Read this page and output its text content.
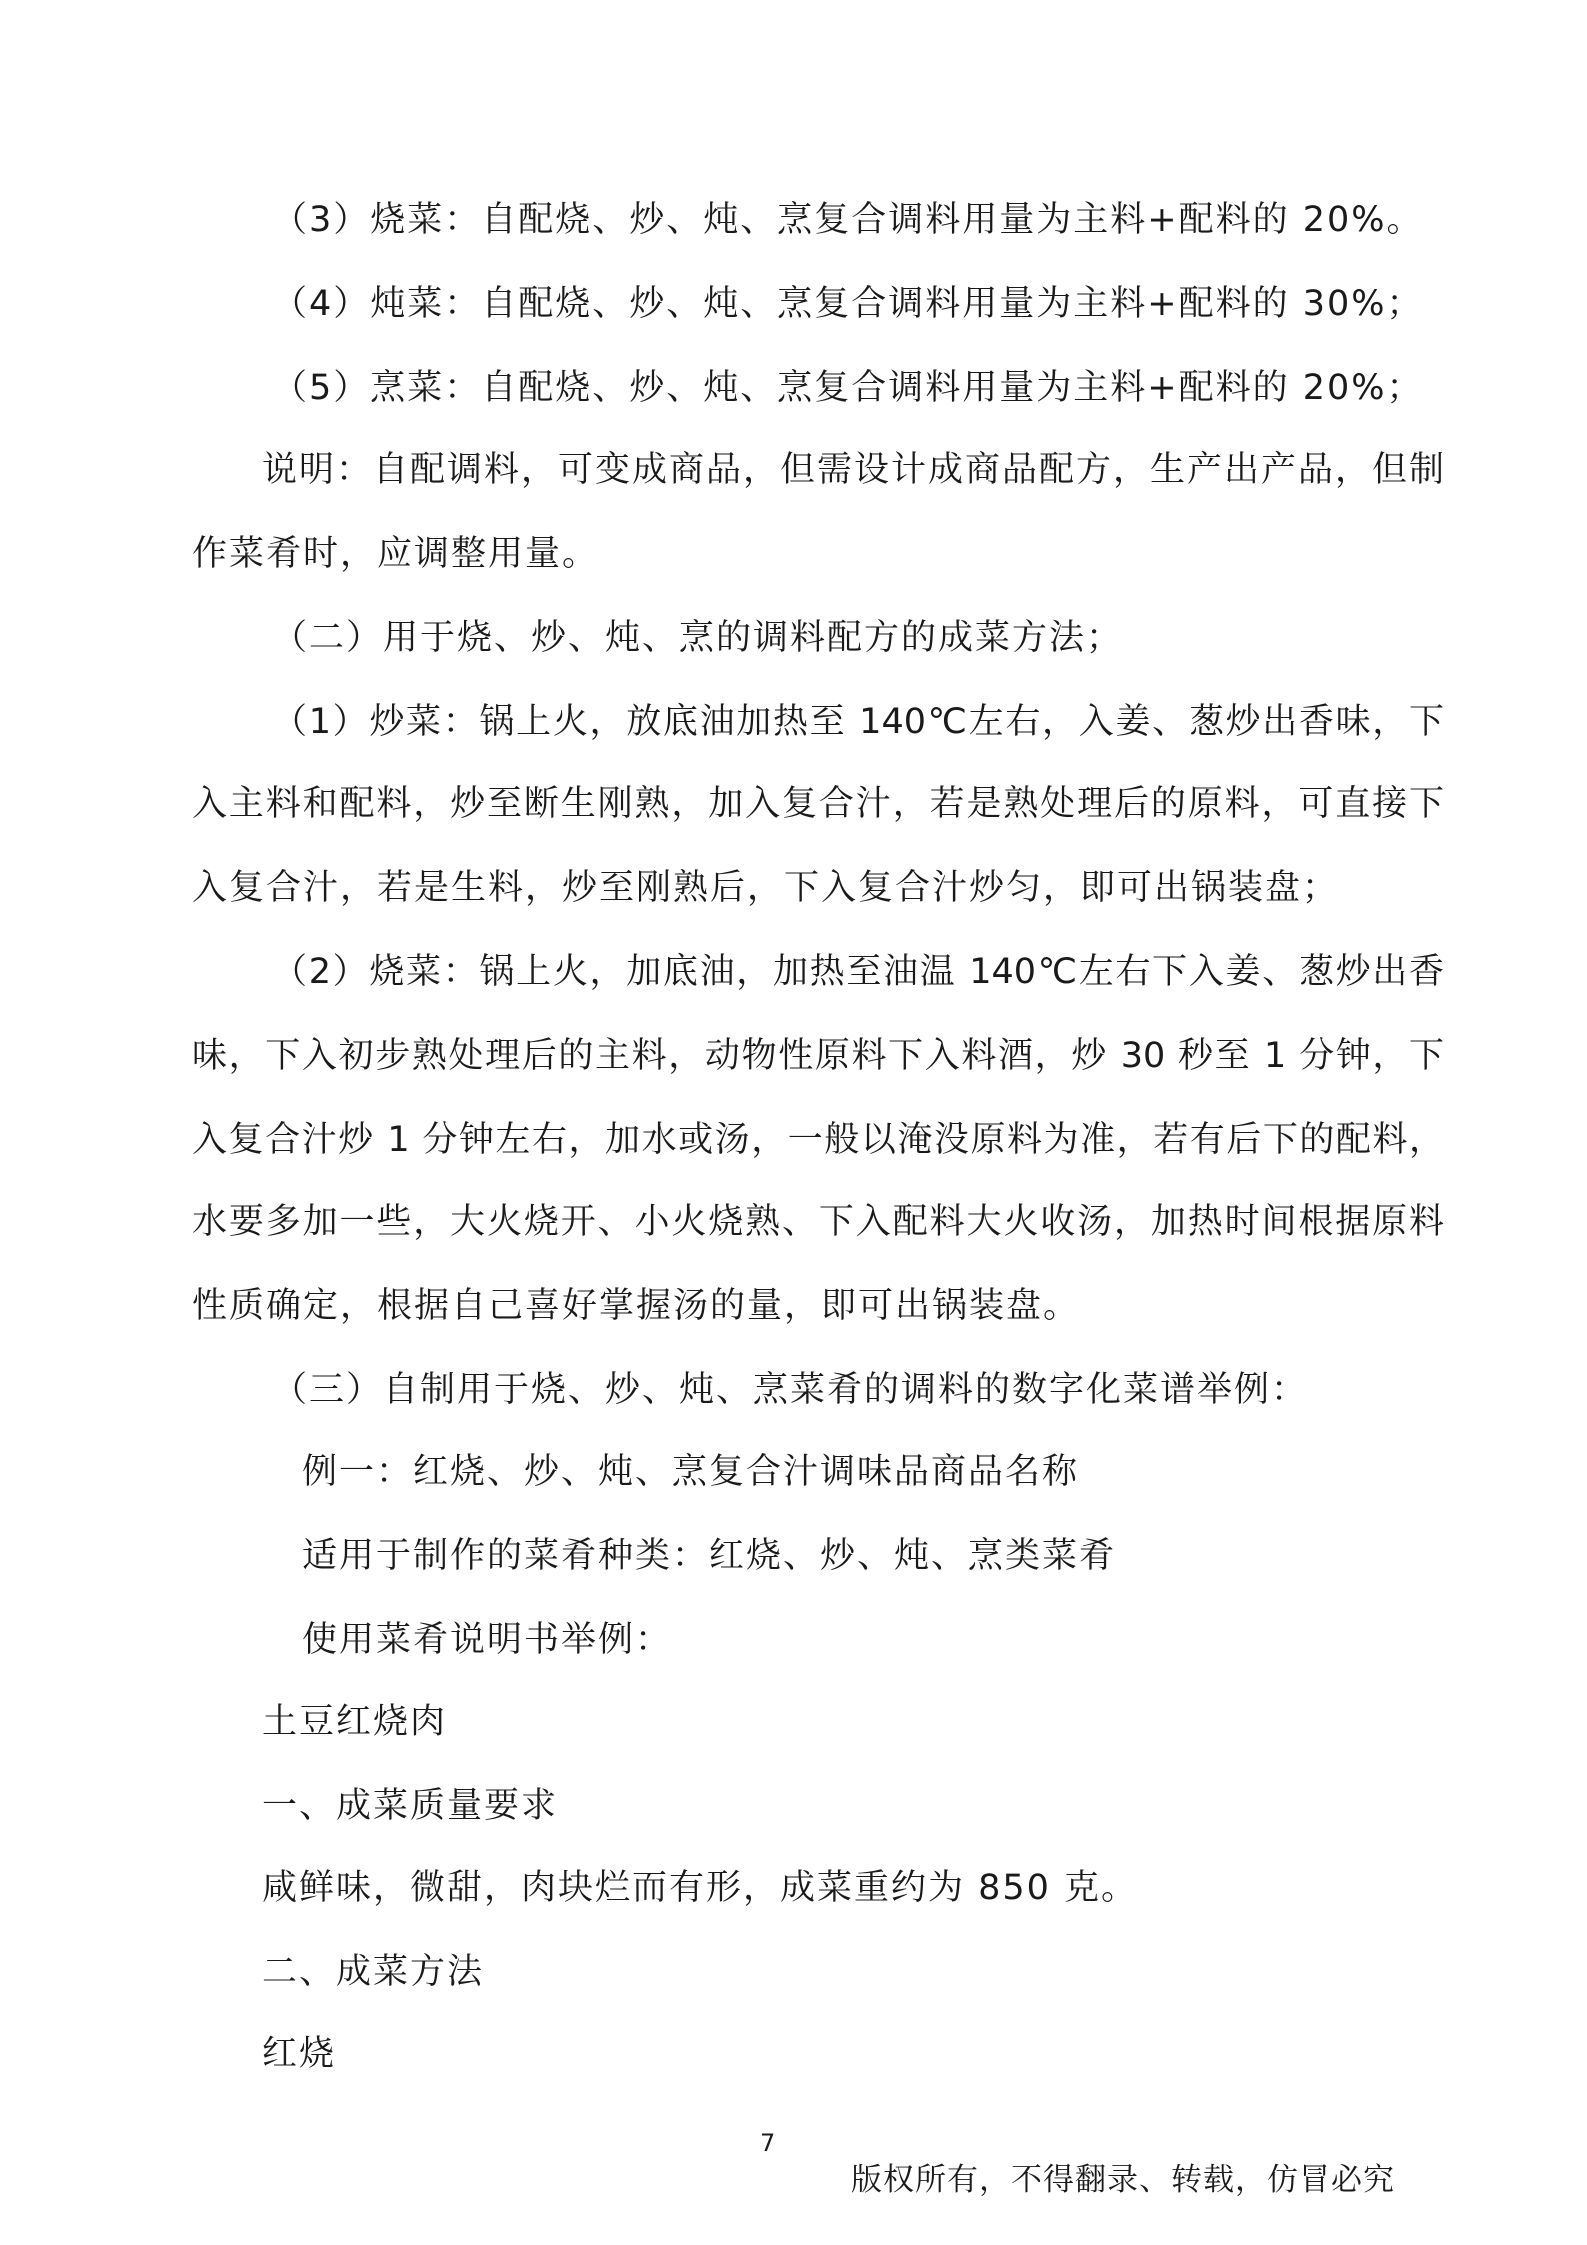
（3）烧菜：自配烧、炒、炖、烹复合调料用量为主料+配料的 20%。

（4）炖菜：自配烧、炒、炖、烹复合调料用量为主料+配料的 30%；

（5）烹菜：自配烧、炒、炖、烹复合调料用量为主料+配料的 20%；

说明：自配调料，可变成商品，但需设计成商品配方，生产出产品，但制

作菜肴时，应调整用量。

（二）用于烧、炒、炖、烹的调料配方的成菜方法；

（1）炒菜：锅上火，放底油加热至 140℃左右，入姜、葱炒出香味，下

入主料和配料，炒至断生刚熟，加入复合汁，若是熟处理后的原料，可直接下

入复合汁，若是生料，炒至刚熟后，下入复合汁炒匀，即可出锅装盘；

（2）烧菜：锅上火，加底油，加热至油温 140℃左右下入姜、葱炒出香

味，下入初步熟处理后的主料，动物性原料下入料酒，炒 30 秒至 1 分钟，下

入复合汁炒 1 分钟左右，加水或汤，一般以淹没原料为准，若有后下的配料，

水要多加一些，大火烧开、小火烧熟、下入配料大火收汤，加热时间根据原料

性质确定，根据自己喜好掌握汤的量，即可出锅装盘。

（三）自制用于烧、炒、炖、烹菜肴的调料的数字化菜谱举例：

例一：红烧、炒、炖、烹复合汁调味品商品名称

适用于制作的菜肴种类：红烧、炒、炖、烹类菜肴

使用菜肴说明书举例：

土豆红烧肉

一、成菜质量要求

咸鲜味，微甜，肉块烂而有形，成菜重约为 850 克。

二、成菜方法

红烧

7
版权所有，不得翻录、转载，仿冒必究
